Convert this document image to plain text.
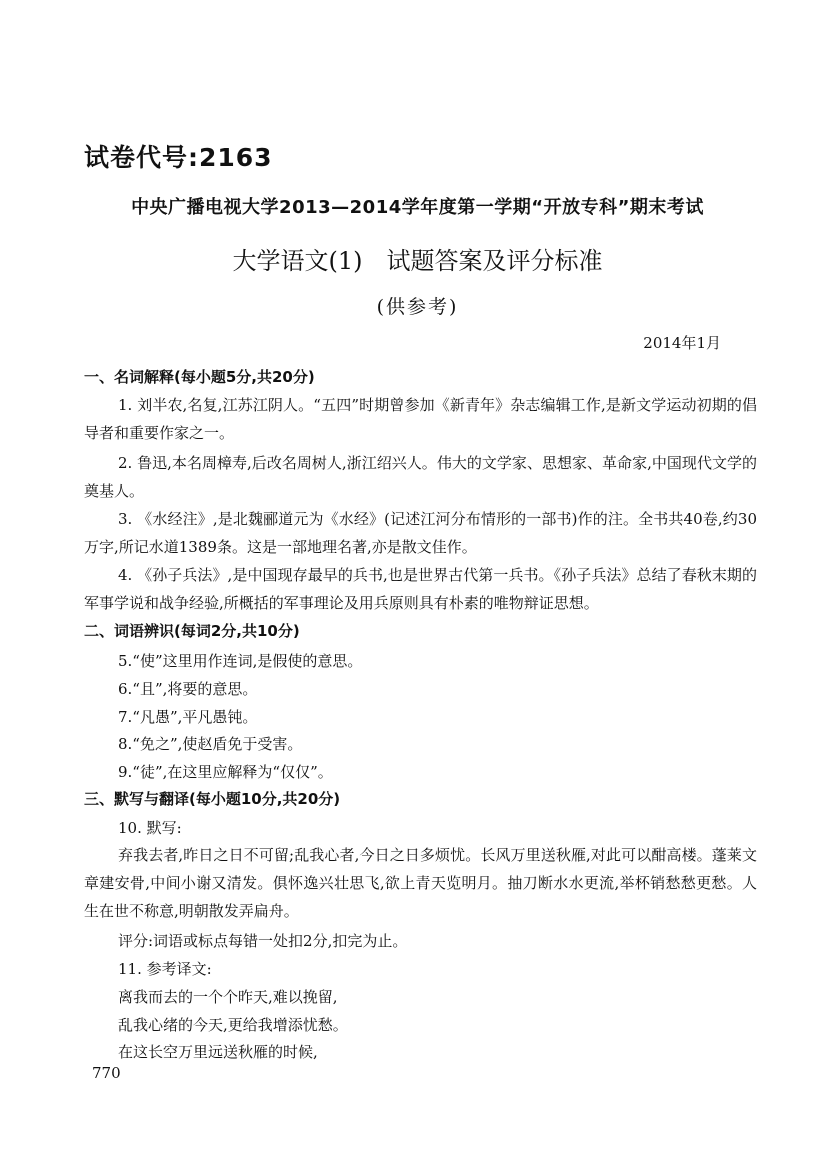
试卷代号:2163
中央广播电视大学2013—2014学年度第一学期“开放专科”期末考试
大学语文(1) 试题答案及评分标准
(供参考)
2014年1月
一、名词解释(每小题5分,共20分)
1. 刘半农,名复,江苏江阴人。“五四”时期曾参加《新青年》杂志编辑工作,是新文学运动初期的倡导者和重要作家之一。
2. 鲁迅,本名周樟寿,后改名周树人,浙江绍兴人。伟大的文学家、思想家、革命家,中国现代文学的奠基人。
3. 《水经注》,是北魏郦道元为《水经》(记述江河分布情形的一部书)作的注。全书共40卷,约30万字,所记水道1389条。这是一部地理名著,亦是散文佳作。
4. 《孙子兵法》,是中国现存最早的兵书,也是世界古代第一兵书。《孙子兵法》总结了春秋末期的军事学说和战争经验,所概括的军事理论及用兵原则具有朴素的唯物辩证思想。
二、词语辨识(每词2分,共10分)
5.“使”这里用作连词,是假使的意思。
6.“且”,将要的意思。
7.“凡愚”,平凡愚钝。
8.“免之”,使赵盾免于受害。
9.“徒”,在这里应解释为“仅仅”。
三、默写与翻译(每小题10分,共20分)
10. 默写:
弃我去者,昨日之日不可留;乱我心者,今日之日多烦忧。长风万里送秋雁,对此可以酣高楼。蓬莱文章建安骨,中间小谢又清发。俱怀逸兴壮思飞,欲上青天览明月。抽刀断水水更流,举杯销愁愁更愁。人生在世不称意,明朝散发弄扁舟。
评分:词语或标点每错一处扣2分,扣完为止。
11. 参考译文:
离我而去的一个个昨天,难以挽留,
乱我心绪的今天,更给我增添忧愁。
在这长空万里远送秋雁的时候,
770
